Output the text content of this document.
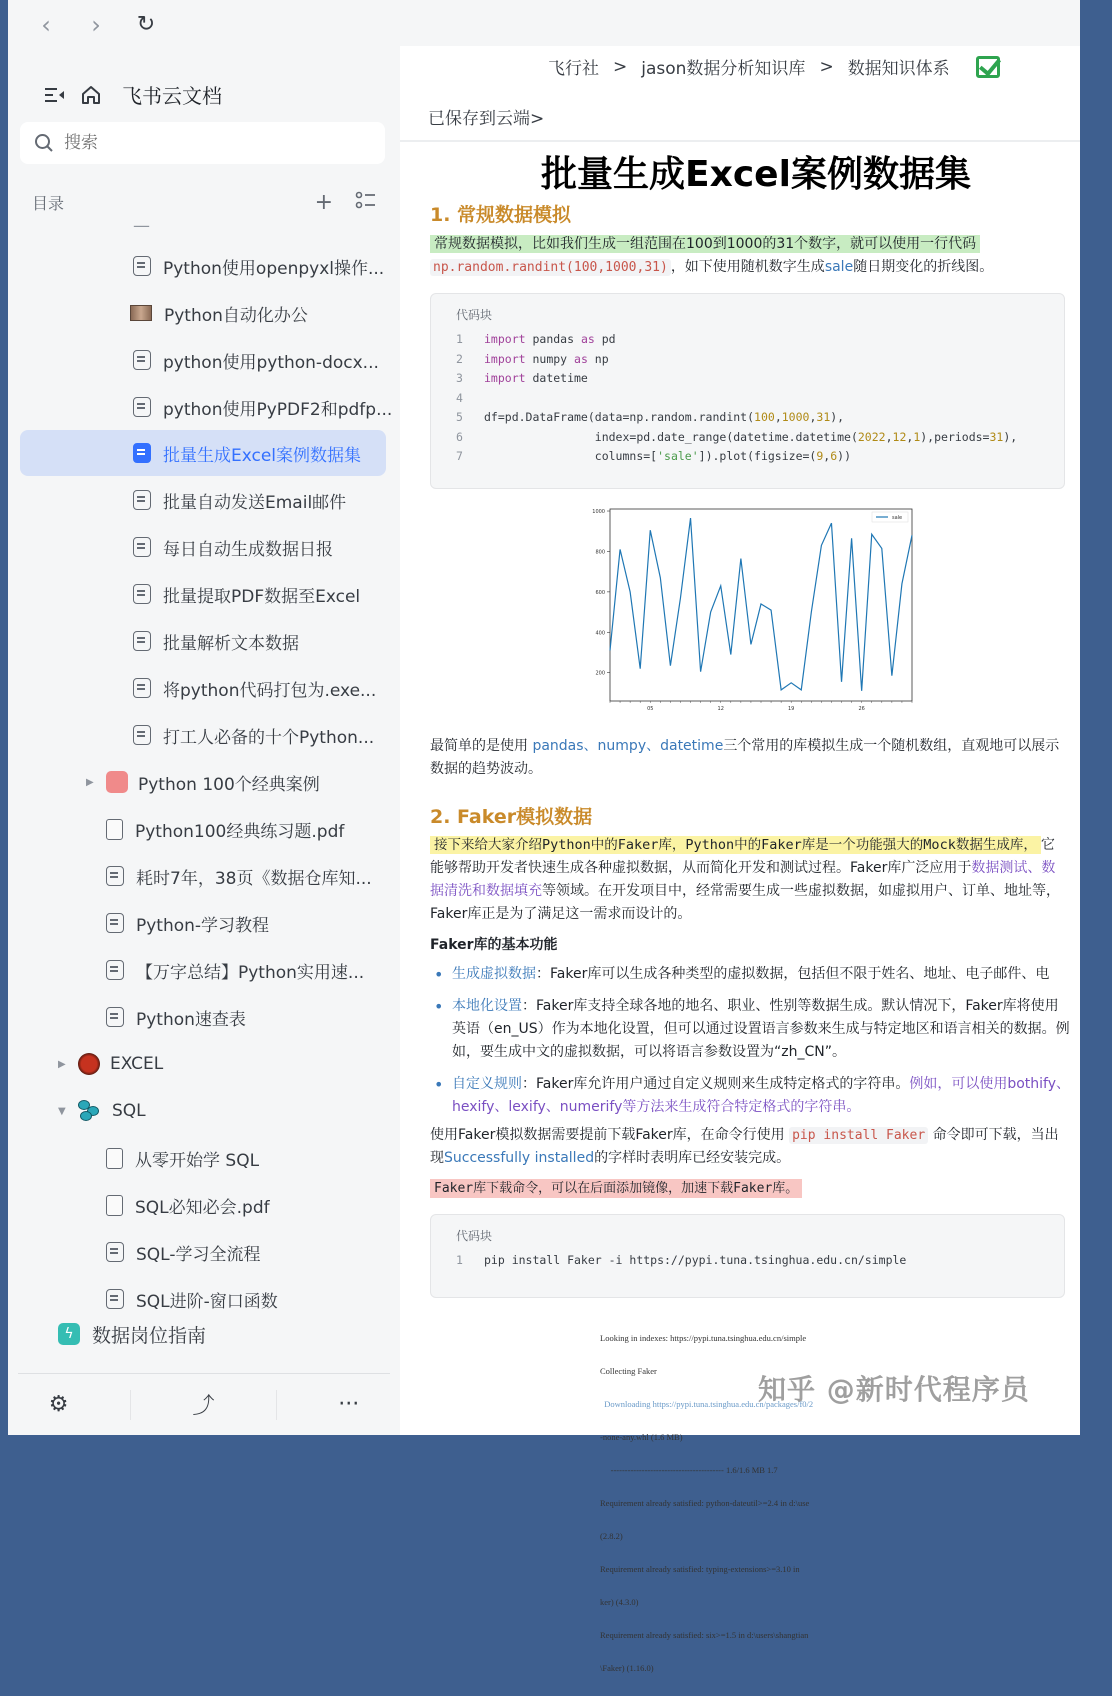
‹ › ↻
飞书云文档
搜索
目录	+
—
Python使用openpyxl操作...
Python自动化办公
python使用python-docx...
python使用PyPDF2和pdfp...
批量生成Excel案例数据集
批量自动发送Email邮件
每日自动生成数据日报
批量提取PDF数据至Excel
批量解析文本数据
将python代码打包为.exe...
打工人必备的十个Python...
▶	Python 100个经典案例
Python100经典练习题.pdf
耗时7年，38页《数据仓库知...
Python-学习教程
【万字总结】Python实用速...
Python速查表
▶	EXCEL
▼	SQL
从零开始学 SQL
SQL必知必会.pdf
SQL-学习全流程
SQL进阶-窗口函数
ϟ 数据岗位指南
⚙	⤴	···
飞行社 > jason数据分析知识库 > 数据知识体系
已保存到云端>
批量生成Excel案例数据集
1. 常规数据模拟
常规数据模拟，比如我们生成一组范围在100到1000的31个数字，就可以使用一行代码
np.random.randint(100,1000,31) ，如下使用随机数字生成sale随日期变化的折线图。
代码块
1 import pandas as pd
2 import numpy as np
3 import datetime
4
5 df=pd.DataFrame(data=np.random.randint(100,1000,31),
6                index=pd.date_range(datetime.datetime(2022,12,1),periods=31),
7                columns=['sale']).plot(figsize=(9,6))
200
400
600
800
1000
05	12	19	26
sale
最简单的是使用 pandas、numpy、datetime三个常用的库模拟生成一个随机数组，直观地可以展示数据的趋势波动。
2. Faker模拟数据
接下来给大家介绍Python中的Faker库，Python中的Faker库是一个功能强大的Mock数据生成库， 它能够帮助开发者快速生成各种虚拟数据，从而简化开发和测试过程。Faker库广泛应用于数据测试、数据清洗和数据填充等领域。在开发项目中，经常需要生成一些虚拟数据，如虚拟用户、订单、地址等，Faker库正是为了满足这一需求而设计的。
Faker库的基本功能
• 生成虚拟数据：Faker库可以生成各种类型的虚拟数据，包括但不限于姓名、地址、电子邮件、电
• 本地化设置：Faker库支持全球各地的地名、职业、性别等数据生成。默认情况下，Faker库将使用英语（en_US）作为本地化设置，但可以通过设置语言参数来生成与特定地区和语言相关的数据。例如，要生成中文的虚拟数据，可以将语言参数设置为“zh_CN”。
• 自定义规则：Faker库允许用户通过自定义规则来生成特定格式的字符串。例如，可以使用bothify、hexify、lexify、numerify等方法来生成符合特定格式的字符串。
使用Faker模拟数据需要提前下载Faker库，在命令行使用 pip install Faker 命令即可下载，当出现Successfully installed的字样时表明库已经安装完成。
Faker库下载命令，可以在后面添加镜像，加速下载Faker库。
代码块
1 pip install Faker -i https://pypi.tuna.tsinghua.edu.cn/simple

Looking in indexes: https://pypi.tuna.tsinghua.edu.cn/simple

Collecting Faker

Downloading https://pypi.tuna.tsinghua.edu.cn/packages/f0/2

-none-any.whl (1.6 MB)

---------------------------------------- 1.6/1.6 MB 1.7

Requirement already satisfied: python-dateutil>=2.4 in d:\use

(2.8.2)

Requirement already satisfied: typing-extensions>=3.10 in

ker) (4.3.0)

Requirement already satisfied: six>=1.5 in d:\users\shangtian

\Faker) (1.16.0)

知乎 @新时代程序员
